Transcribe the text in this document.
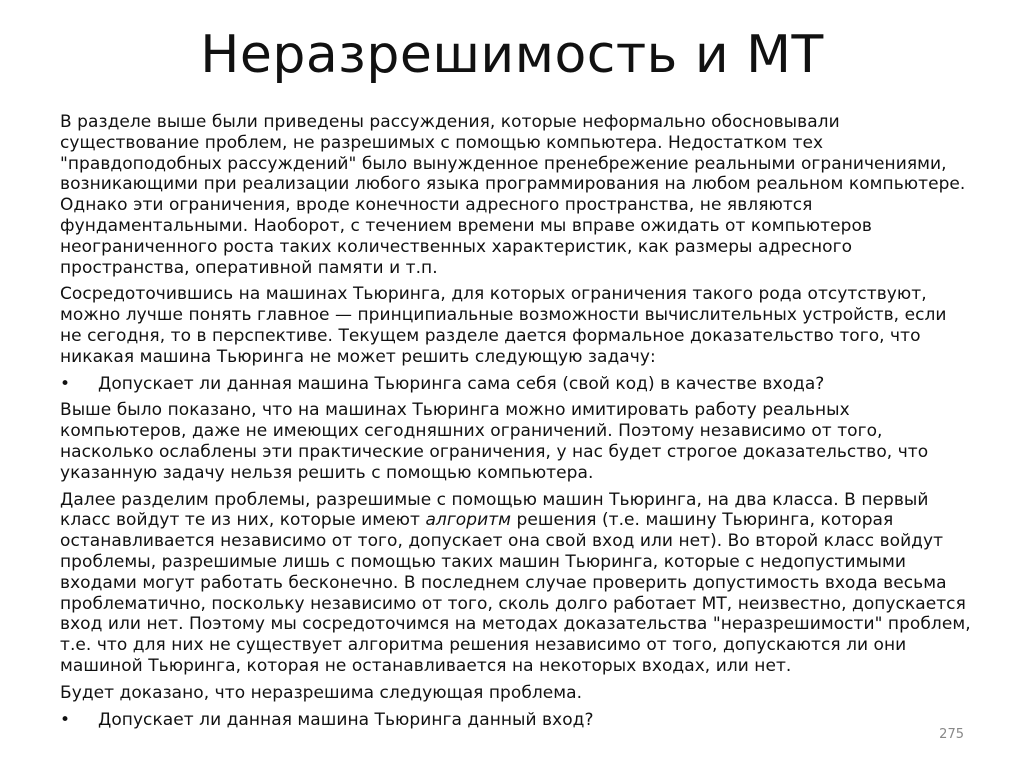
Неразрешимость и МТ

В разделе выше были приведены рассуждения, которые неформально обосновывали существование проблем, не разрешимых с помощью компьютера. Недостатком тех "правдоподобных рассуждений" было вынужденное пренебрежение реальными ограничениями, возникающими при реализации любого языка программирования на любом реальном компьютере. Однако эти ограничения, вроде конечности адресного пространства, не являются фундаментальными. Наоборот, с течением времени мы вправе ожидать от компьютеров неограниченного роста таких количественных характеристик, как размеры адресного пространства, оперативной памяти и т.п.

Сосредоточившись на машинах Тьюринга, для которых ограничения такого рода отсутствуют, можно лучше понять главное — принципиальные возможности вычислительных устройств, если не сегодня, то в перспективе. Текущем разделе дается формальное доказательство того, что никакая машина Тьюринга не может решить следующую задачу:

• Допускает ли данная машина Тьюринга сама себя (свой код) в качестве входа?

Выше было показано, что на машинах Тьюринга можно имитировать работу реальных компьютеров, даже не имеющих сегодняшних ограничений. Поэтому независимо от того, насколько ослаблены эти практические ограничения, у нас будет строгое доказательство, что указанную задачу нельзя решить с помощью компьютера.

Далее разделим проблемы, разрешимые с помощью машин Тьюринга, на два класса. В первый класс войдут те из них, которые имеют алгоритм решения (т.е. машину Тьюринга, которая останавливается независимо от того, допускает она свой вход или нет). Во второй класс войдут проблемы, разрешимые лишь с помощью таких машин Тьюринга, которые с недопустимыми входами могут работать бесконечно. В последнем случае проверить допустимость входа весьма проблематично, поскольку независимо от того, сколь долго работает МТ, неизвестно, допускается вход или нет. Поэтому мы сосредоточимся на методах доказательства "неразрешимости" проблем, т.е. что для них не существует алгоритма решения независимо от того, допускаются ли они машиной Тьюринга, которая не останавливается на некоторых входах, или нет.

Будет доказано, что неразрешима следующая проблема.

• Допускает ли данная машина Тьюринга данный вход?
275
